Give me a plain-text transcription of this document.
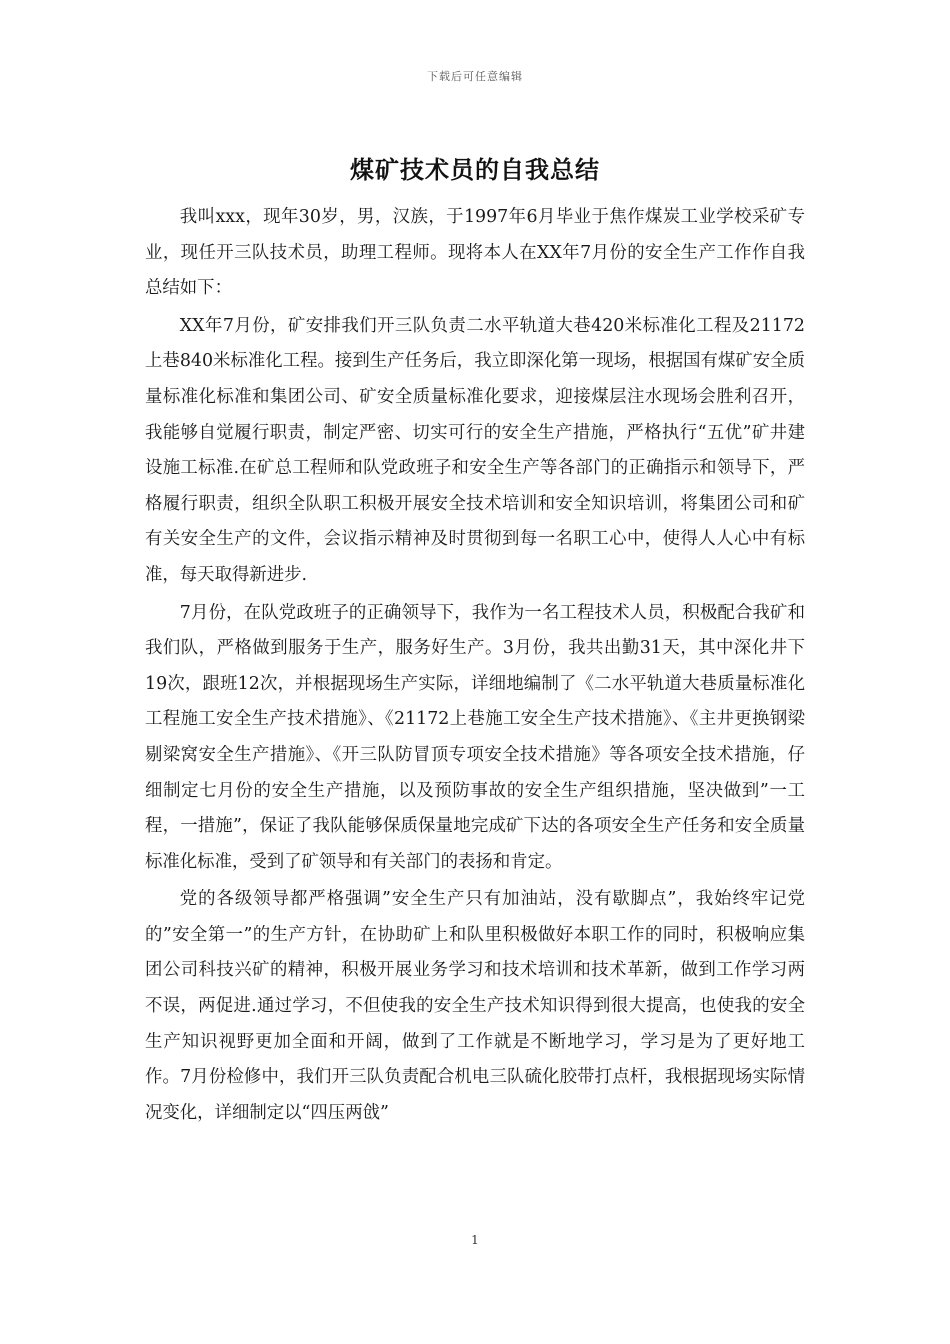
下载后可任意编辑
煤矿技术员的自我总结

我叫xxx，现年30岁，男，汉族，于1997年6月毕业于焦作煤炭工业学校采矿专业，现任开三队技术员，助理工程师。现将本人在XX年7月份的安全生产工作作自我总结如下：

XX年7月份，矿安排我们开三队负责二水平轨道大巷420米标准化工程及21172上巷840米标准化工程。接到生产任务后，我立即深化第一现场，根据国有煤矿安全质量标准化标准和集团公司、矿安全质量标准化要求，迎接煤层注水现场会胜利召开，我能够自觉履行职责，制定严密、切实可行的安全生产措施，严格执行“五优”矿井建设施工标准.在矿总工程师和队党政班子和安全生产等各部门的正确指示和领导下，严格履行职责，组织全队职工积极开展安全技术培训和安全知识培训，将集团公司和矿有关安全生产的文件，会议指示精神及时贯彻到每一名职工心中，使得人人心中有标准，每天取得新进步.

7月份，在队党政班子的正确领导下，我作为一名工程技术人员，积极配合我矿和我们队，严格做到服务于生产，服务好生产。3月份，我共出勤31天，其中深化井下19次，跟班12次，并根据现场生产实际，详细地编制了《二水平轨道大巷质量标准化工程施工安全生产技术措施》、《21172上巷施工安全生产技术措施》、《主井更换钢梁剔梁窝安全生产措施》、《开三队防冒顶专项安全技术措施》等各项安全技术措施，仔细制定七月份的安全生产措施，以及预防事故的安全生产组织措施，坚决做到”一工程，一措施”，保证了我队能够保质保量地完成矿下达的各项安全生产任务和安全质量标准化标准，受到了矿领导和有关部门的表扬和肯定。

党的各级领导都严格强调”安全生产只有加油站，没有歇脚点”，我始终牢记党的”安全第一”的生产方针，在协助矿上和队里积极做好本职工作的同时，积极响应集团公司科技兴矿的精神，积极开展业务学习和技术培训和技术革新，做到工作学习两不误，两促进.通过学习，不但使我的安全生产技术知识得到很大提高，也使我的安全生产知识视野更加全面和开阔，做到了工作就是不断地学习，学习是为了更好地工作。7月份检修中，我们开三队负责配合机电三队硫化胶带打点杆，我根据现场实际情况变化，详细制定以“四压两戗”

1
